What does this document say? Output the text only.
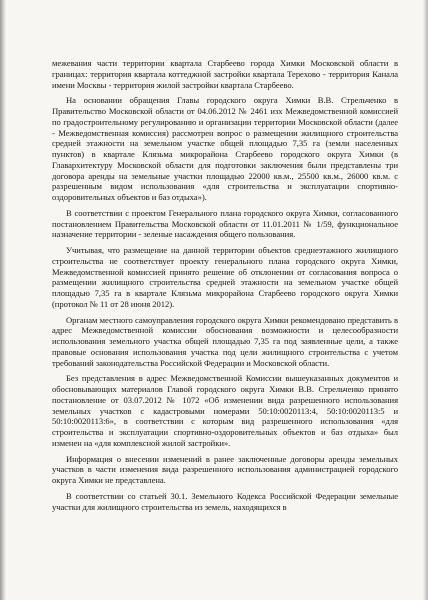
межевания части территории квартала Старбеево города Химки Московской области в границах: территория квартала коттеджной застройки квартала Терехово - территория Канала имени Москвы - территория жилой застройки квартала Старбеево.

На основании обращения Главы городского округа Химки В.В. Стрельченко в Правительство Московской области от 04.06.2012 № 2461 изх Межведомственной комиссией по градостроительному регулированию и организации территории Московской области (далее - Межведомственная комиссия) рассмотрен вопрос о размещении жилищного строительства средней этажности на земельном участке общей площадью 7,35 га (земли населенных пунктов) в квартале Клязьма микрорайона Старбеево городского округа Химки (в Главархитектуру Московской области для подготовки заключения были представлены три договора аренды на земельные участки площадью 22000 кв.м., 25500 кв.м., 26000 кв.м. с разрешенным видом использования «для строительства и эксплуатации спортивно-оздоровительных объектов и баз отдыха»).

В соответствии с проектом Генерального плана городского округа Химки, согласованного постановлением Правительства Московской области от 11.01.2011 № 1/59, функциональное назначение территории - зеленые насаждения общего пользования.

Учитывая, что размещение на данной территории объектов среднеэтажного жилищного строительства не соответствует проекту генерального плана городского округа Химки, Межведомственной комиссией принято решение об отклонении от согласования вопроса о размещении жилищного строительства средней этажности на земельном участке общей площадью 7,35 га в квартале Клязьма микрорайона Старбеево городского округа Химки (протокол № 11 от 28 июня 2012).

Органам местного самоуправления городского округа Химки рекомендовано представить в адрес Межведомственной комиссии обоснования возможности и целесообразности использования земельного участка общей площадью 7,35 га под заявленные цели, а также правовые основания использования участка под цели жилищного строительства с учетом требований законодательства Российской Федерации и Московской области.

Без представления в адрес Межведомственной Комиссии вышеуказанных документов и обосновывающих материалов Главой городского округа Химки В.В. Стрельченко принято постановление от 03.07.2012 № 1072 «Об изменении вида разрешенного использования земельных участков с кадастровыми номерами 50:10:0020113:4, 50:10:0020113:5 и 50:10:0020113:6», в соответствии с которым вид разрешенного использования «для строительства и эксплуатации спортивно-оздоровительных объектов и баз отдыха» был изменен на «для комплексной жилой застройки».

Информация о внесении изменений в ранее заключенные договоры аренды земельных участков в части изменения вида разрешенного использования администрацией городского округа Химки не представлена.

В соответствии со статьей 30.1. Земельного Кодекса Российской Федерации земельные участки для жилищного строительства из земель, находящихся в
